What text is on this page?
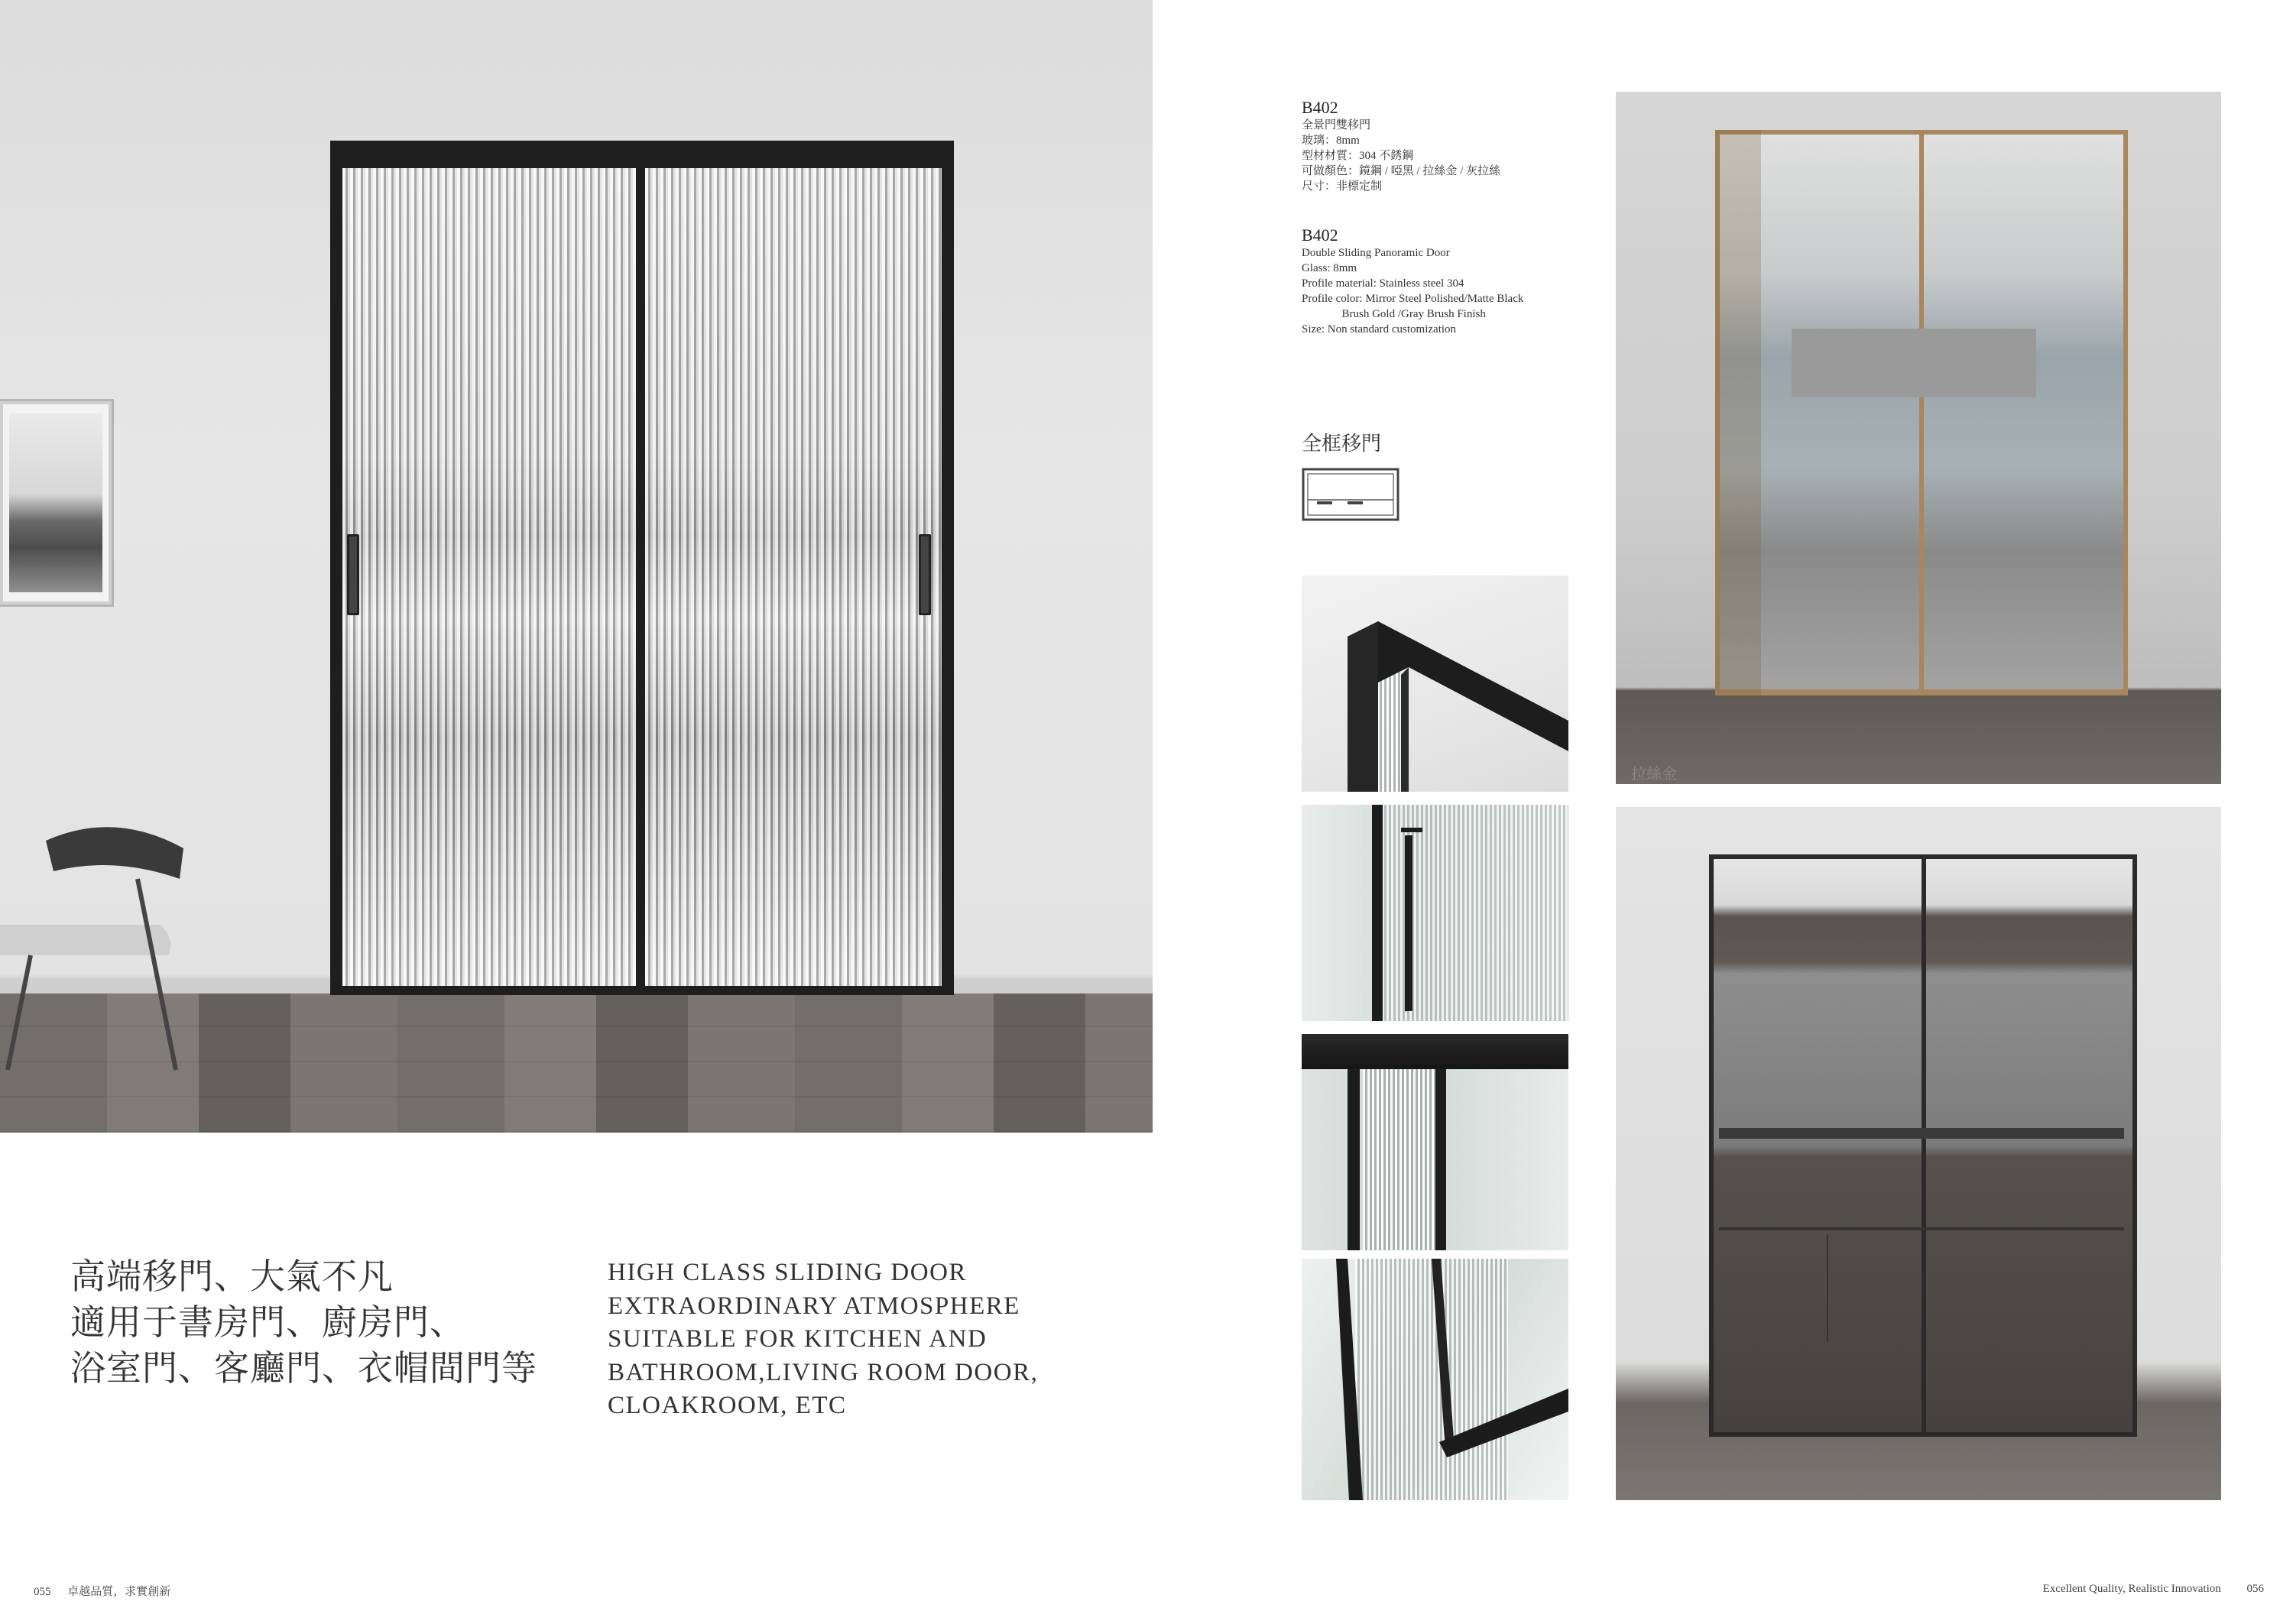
高端移門、大氣不凡
適用于書房門、廚房門、
浴室門、客廳門、衣帽間門等
HIGH CLASS SLIDING DOOR
EXTRAORDINARY ATMOSPHERE
SUITABLE FOR KITCHEN AND
BATHROOM,LIVING ROOM DOOR,
CLOAKROOM, ETC
B402
全景門雙移門
玻璃：8mm
型材材質：304 不銹鋼
可做顏色：鏡鋼 / 啞黑 / 拉絲金 / 灰拉絲
尺寸：非標定制
B402
Double Sliding Panoramic Door
Glass: 8mm
Profile material: Stainless steel 304
Profile color: Mirror Steel Polished/Matte Black
Brush Gold /Gray Brush Finish
Size: Non standard customization
全框移門
拉絲金
055 卓越品質，求實創新	Excellent Quality, Realistic Innovation 056
